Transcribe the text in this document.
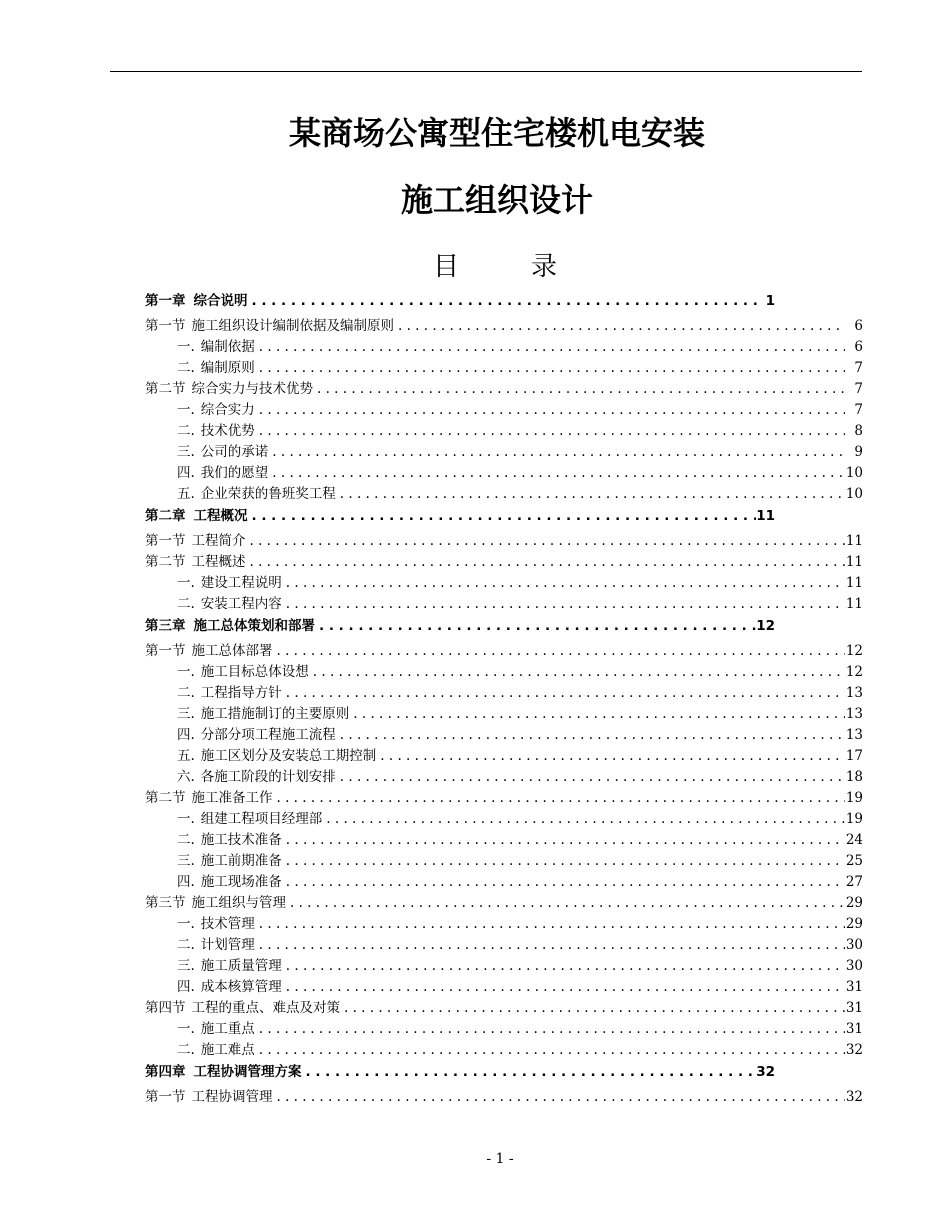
某商场公寓型住宅楼机电安装
施工组织设计
目	录
第一章 综合说明 . . .	1
第一节 施工组织设计编制依据及编制原则 . . .	6
一. 编制依据 . . .	6
二. 编制原则 . . .	7
第二节 综合实力与技术优势 . . .	7
一. 综合实力 . . .	7
二. 技术优势 . . .	8
三. 公司的承诺 . . .	9
四. 我们的愿望 . . .	10
五. 企业荣获的鲁班奖工程 . . .	10
第二章 工程概况 . . .	11
第一节 工程简介 . . .	11
第二节 工程概述 . . .	11
一. 建设工程说明 . . .	11
二. 安装工程内容 . . .	11
第三章 施工总体策划和部署 . . .	12
第一节 施工总体部署 . . .	12
一. 施工目标总体设想 . . .	12
二. 工程指导方针 . . .	13
三. 施工措施制订的主要原则 . . .	13
四. 分部分项工程施工流程 . . .	13
五. 施工区划分及安装总工期控制 . . .	17
六. 各施工阶段的计划安排 . . .	18
第二节 施工准备工作 . . .	19
一. 组建工程项目经理部 . . .	19
二. 施工技术准备 . . .	24
三. 施工前期准备 . . .	25
四. 施工现场准备 . . .	27
第三节 施工组织与管理 . . .	29
一. 技术管理 . . .	29
二. 计划管理 . . .	30
三. 施工质量管理 . . .	30
四. 成本核算管理 . . .	31
第四节 工程的重点、难点及对策 . . .	31
一. 施工重点 . . .	31
二. 施工难点 . . .	32
第四章 工程协调管理方案 . . .	32
第一节 工程协调管理 . . .	32
- 1 -
